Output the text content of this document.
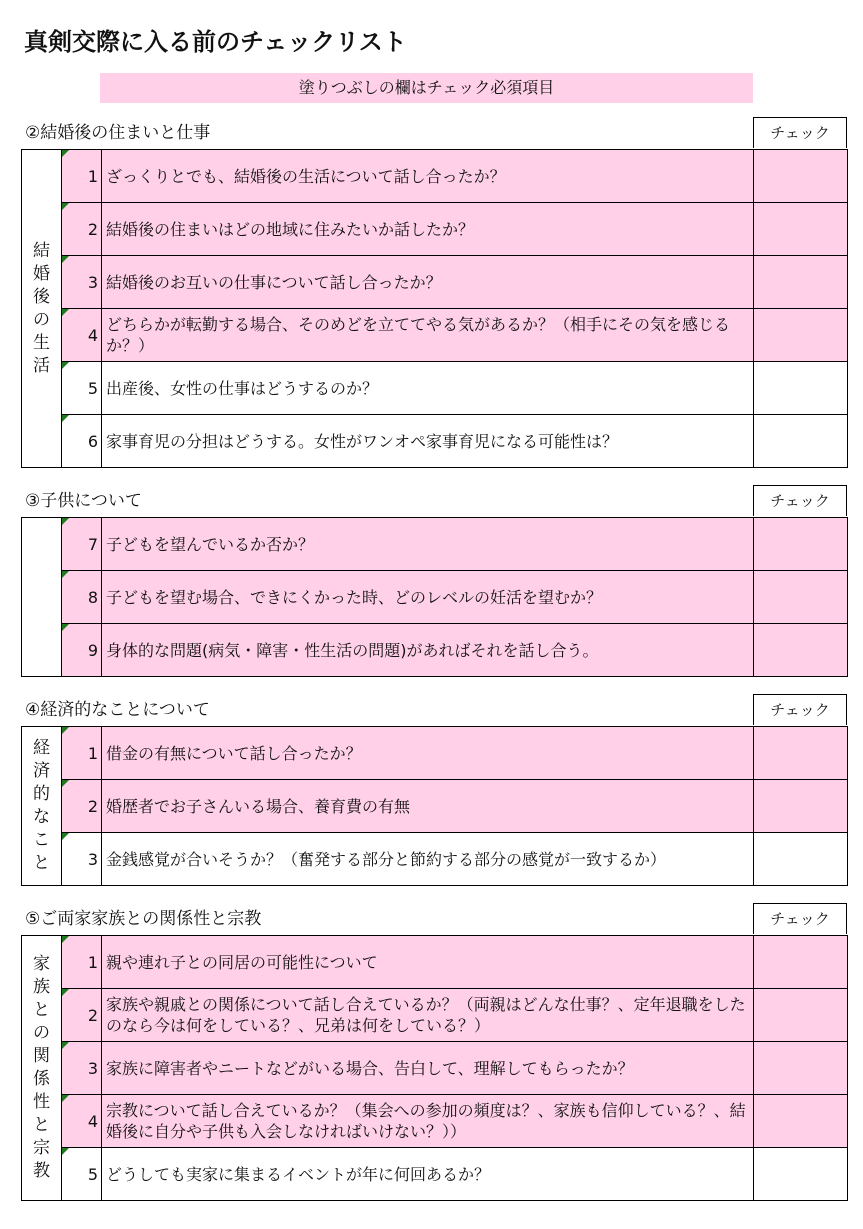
真剣交際に入る前のチェックリスト
塗りつぶしの欄はチェック必須項目
②結婚後の住まいと仕事	チェック
結婚後の生活	1	ざっくりとでも、結婚後の生活について話し合ったか？	
	2	結婚後の住まいはどの地域に住みたいか話したか？	
	3	結婚後のお互いの仕事について話し合ったか？	
	4	どちらかが転勤する場合、そのめどを立ててやる気があるか？（相手にその気を感じるか？）	
	5	出産後、女性の仕事はどうするのか？	
	6	家事育児の分担はどうする。女性がワンオペ家事育児になる可能性は？	
③子供について	チェック
	7	子どもを望んでいるか否か？	
	8	子どもを望む場合、できにくかった時、どのレベルの妊活を望むか？	
	9	身体的な問題(病気・障害・性生活の問題)があればそれを話し合う。	
④経済的なことについて	チェック
経済的なこと	1	借金の有無について話し合ったか？	
	2	婚歴者でお子さんいる場合、養育費の有無	
	3	金銭感覚が合いそうか？（奮発する部分と節約する部分の感覚が一致するか）	
⑤ご両家家族との関係性と宗教	チェック
家族との関係性と宗教	1	親や連れ子との同居の可能性について	
	2	家族や親戚との関係について話し合えているか？（両親はどんな仕事？、定年退職をしたのなら今は何をしている？、兄弟は何をしている？）	
	3	家族に障害者やニートなどがいる場合、告白して、理解してもらったか？	
	4	宗教について話し合えているか？（集会への参加の頻度は？、家族も信仰している？、結婚後に自分や子供も入会しなければいけない？））	
	5	どうしても実家に集まるイベントが年に何回あるか？	
